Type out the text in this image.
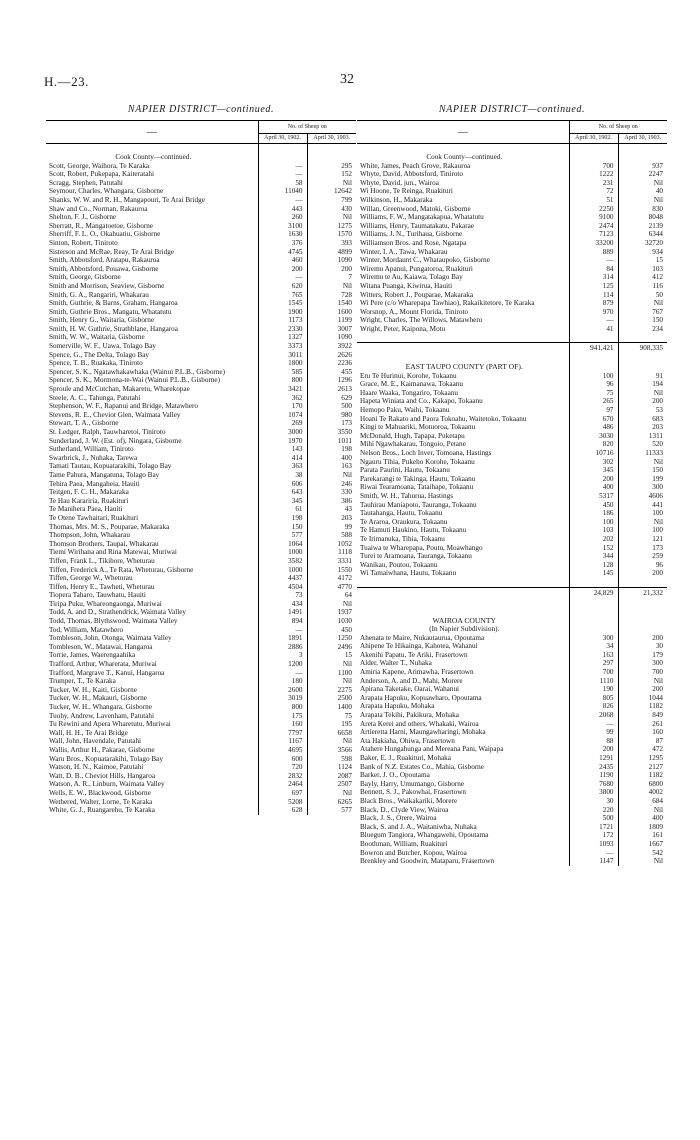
H.—23.	32
NAPIER DISTRICT—continued.
—	No. of Sheep on	
	April 30, 1902.	April 30, 1903.

Cook County—continued.		
Scott, George, Waihora, Te Karaka	—	295
Scott, Robert, Pukepapa, Kaiteratahi	—	152
Scragg, Stephen, Patutahi	58	Nil
Seymour, Charles, Whangara, Gisborne	11040	12642
Shanks, W. W. and R. H., Mangapouri, Te Arai Bridge	—	799
Shaw and Co., Norman, Rakauroa	443	430
Shelton, F. J., Gisborne	260	Nil
Sherratt, R., Mangatoetoe, Gisborne	3100	1275
Sherriff, F. L. O., Okahuatiu, Gisborne	1630	1570
Sinton, Robert, Tiniroto	376	393
Sisterson and McRae, Reay, Te Arai Bridge	4745	4899
Smith, Abbotsford, Aratapu, Rakauroa	460	1090
Smith, Abbotsford, Pouawa, Gisborne	200	200
Smith, George, Gisborne	—	7
Smith and Morrison, Seaview, Gisborne	620	Nil
Smith, G. A., Rangariri, Whakarau	765	728
Smith, Guthrie, & Barns, Graham, Hangaroa	1545	1540
Smith, Guthrie Bros., Mangatu, Whatatutu	1900	1600
Smith, Henry G., Waitaria, Gisborne	1173	1199
Smith, H. W. Guthrie, Strathblane, Hangaroa	2330	3007
Smith, W. W., Waitaria, Gisborne	1327	1090
Somerville, W. F., Uawa, Tolago Bay	3373	3922
Spence, G., The Delta, Tolago Bay	3011	2626
Spence, T. B., Ruakaka, Tiniroto	1800	2236
Spencer, S. K., Ngatawhakawhaka (Wainui P.L.B., Gisborne)	585	455
Spencer, S. K., Mormona-te-Wai (Wainui P.L.B., Gisborne)	800	1296
Sproule and McCutchan, Makaretu, Wharekopae	3421	2613
Steele, A. C., Tahunga, Patutahi	362	629
Stephenson, W. F., Rapanui and Bridge, Matawhero	170	500
Stevens, R. E., Cheviot Glen, Waimata Valley	1074	980
Stewart, T. A., Gisborne	269	173
St. Ledger, Ralph, Tauwharetoi, Tiniroto	3000	3550
Sunderland, J. W. (Est. of), Ningara, Gisborne	1970	1011
Sutherland, William, Tiniroto	143	198
Swarbrick, J., Nuhaka, Tarewa	414	400
Tamati Tautau, Kopuatarakihi, Tolago Bay	363	163
Tame Pahura, Mangatuna, Tolago Bay	38	Nil
Tehira Paea, Mangaheia, Hauiti	606	246
Teitgen, F. C. H., Makaraka	643	330
Te Hau Karariria, Ruakituri	345	386
Te Manihera Paea, Hauiti	61	43
Te Otene Tawhaitari, Ruakituri	198	203
Thomas, Mrs. M. S., Pouparae, Makaraka	150	99
Thompson, John, Whakarau	577	588
Thomson Brothers, Taupai, Whakarau	1064	1052
Tiemi Wirihana and Rina Matewai, Muriwai	1000	1118
Tiffen, Frank L., Tikihore, Wheturau	3582	3331
Tiffen, Frederick A., Te Rata, Wheturau, Gisborne	1000	1550
Tiffen, George W., Wheturau	4437	4172
Tiffen, Henry E., Tawheti, Wheturau	4504	4770
Tiopera Taharo, Tauwhatu, Hauiti	73	64
Tiripa Puku, Whareongaonga, Muriwai	434	Nil
Todd, A. and D., Strathendrick, Waimata Valley	1491	1937
Todd, Thomas, Blythswood, Waimata Valley	894	1030
Tod, William, Matawhero	—	450
Tombleson, John, Otonga, Waimata Valley	1891	1250
Tombleson, W., Matawai, Hangaroa	2886	2496
Torrie, James, Waerengaahika	3	15
Trafford, Arthur, Wharerata, Muriwai	1200	Nil
Trafford, Margrave T., Kanui, Hangaroa	—	1100
Trumper, T., Te Karaka	180	Nil
Tucker, W. H., Kaiti, Gisborne	2600	2275
Tucker, W. H., Makauri, Gisborne	3019	2500
Tucker, W. H., Whangara, Gisborne	800	1400
Tuohy, Andrew, Lavenham, Patutahi	175	75
Tu Rewini and Apera Wharetutu, Muriwai	160	195
Wall, H. H., Te Arai Bridge	7797	6658
Wall, John, Havendale, Patutahi	1167	Nil
Wallis, Arthur H., Pakarae, Gisborne	4695	3566
Waru Bros., Kopuatarakihi, Tolago Bay	600	598
Watson, H. N., Kaimoe, Patutahi	720	1124
Watt, D. B., Cheviot Hills, Hangaroa	2832	2087
Watson, A. R., Linburn, Waimata Valley	2464	2507
Wells, E. W., Blackwood, Gisborne	697	Nil
Wethered, Walter, Lorne, Te Karaka	5208	6265
White, G. J., Ruangarehu, Te Karaka	628	577
NAPIER DISTRICT—continued.
—	No. of Sheep on	
	April 30, 1902.	April 30, 1903.

Cook County—continued.		
White, James, Peach Grove, Rakauroa	700	937
Whyte, David, Abbotsford, Tiniroto	1222	2247
Whyte, David, jun., Wairoa	231	Nil
Wi Hoone, Te Reinga, Ruakituri	72	40
Wilkinson, H., Makaraka	51	Nil
Willan, Greenwood, Matoki, Gisborne	2250	830
Williams, F. W., Mangatakapua, Whatatutu	9100	8048
Williams, Henry, Taumatakatu, Pakarae	2474	2139
Williams, J. N., Turihaua, Gisborne	7123	6344
Williamson Bros. and Rose, Ngatapa	33200	32720
Winter, I. A., Tawa, Whakarau	889	934
Winter, Mordaunt C., Whataupoko, Gisborne	—	15
Wiremu Apanui, Pungatoroa, Ruakituri	84	103
Wiremu te Au, Kaiawa, Tolago Bay	314	412
Witana Puanga, Kiwirua, Hauiti	125	116
Witters, Robert J., Pouparae, Makaraka	114	50
Wi Pere (c/o Wharepapa Tawhiao), Rakaikitetore, Te Karaka	879	Nil
Worsnop, A., Mount Florida, Tiniroto	970	767
Wright, Charles, The Willows, Matawhero	—	150
Wright, Peter, Kaipona, Motu	41	234

	941,421	908,335

EAST TAUPO COUNTY (PART OF).		
Eru Te Hurinui, Korohe, Tokaanu	100	91
Grace, M. E., Kaimanawa, Tokaanu	96	194
Haare Waaka, Tongariro, Tokaanu	75	Nil
Hapeta Winiata and Co., Kakapo, Tokaanu	265	200
Hemopo Paku, Waihi, Tokaanu	97	53
Hoani Te Rakato and Paora Tokoahu, Waitetoko, Tokaanu	670	683
Kingi te Mahuariki, Motuoroa, Tokaanu	486	203
McDonald, Hugh, Tapapa, Puketapu	3030	1311
Mihi Ngawhakarau, Tongoio, Petane	820	520
Nelson Bros., Loch Inver, Tomoana, Hastings	10716	11333
Ngauru Tihia, Pukeho Korohe, Tokaanu	302	Nil
Parata Paurini, Hautu, Tokaanu	345	150
Parekarangi te Takinga, Hautu, Tokaanu	200	199
Riwai Tearamoana, Tataihape, Tokaanu	400	300
Smith, W. H., Tahurua, Hastings	5317	4606
Tauhirau Maniapoto, Tauranga, Tokaanu	450	441
Tautahanga, Hautu, Tokaanu	186	100
Te Araroa, Oraukura, Tokaanu	100	Nil
Te Hamuti Haukino, Hautu, Tokaanu	103	100
Te Irimanuka, Tihia, Tokaanu	202	121
Tuaiwa te Wharepapa, Poutu, Moawhango	152	173
Turei te Aramoana, Tauranga, Tokaanu	344	259
Wanikau, Poutou, Tokaanu	128	96
Wi Tamaiwhana, Hautu, Tokaanu	145	200

	24,829	21,332

WAIROA COUNTY		
(In Napier Subdivision).		
Ahenata te Maire, Nukautaurua, Opoutama	300	200
Ahipene Te Hikainga, Kahotea, Wahanui	34	30
Akenihi Papatu, Te Ariki, Frasertown	163	179
Alder, Walter T., Nuhaka	297	300
Amiria Kapene, Arimawha, Frasertown	700	700
Anderson, A. and D., Mahi, Morere	1110	Nil
Apirana Taketake, Oarai, Wahanui	190	200
Arapata Hapuku, Kopuawharo, Opoutama	805	1044
Arapata Hapuku, Mohaka	826	1182
Arapata Tekihi, Pakikura, Mohaka	2068	849
Areta Kerei and others, Whakaki, Wairoa	—	261
Artieretta Harni, Maungawharingi, Mohaka	99	160
Ata Hakiaha, Ohiwa, Frasertown	88	87
Atahere Hungahunga and Mereana Pani, Waipapa	200	472
Baker, E. J., Ruakituri, Mohaka	1291	1295
Bank of N.Z. Estates Co., Mahia, Gisborne	2435	2127
Barker, J. O., Opoutama	1190	1182
Bayly, Harry, Umumango, Gisborne	7680	6800
Bennett, S. J., Pakowhai, Frasertown	3800	4002
Black Bros., Waikakariki, Morere	30	684
Black, D., Clyde View, Wairoa	220	Nil
Black, J. S., Orere, Wairoa	500	400
Black, S. and J. A., Waitaniwha, Nuhaka	1721	1809
Bluegum Tangiora, Whangawehi, Opoutama	172	161
Boothman, William, Ruakituri	1093	1667
Bowron and Butcher, Kopou, Wairoa	—	542
Brenkley and Goodwin, Mataparu, Frasertown	1147	Nil
